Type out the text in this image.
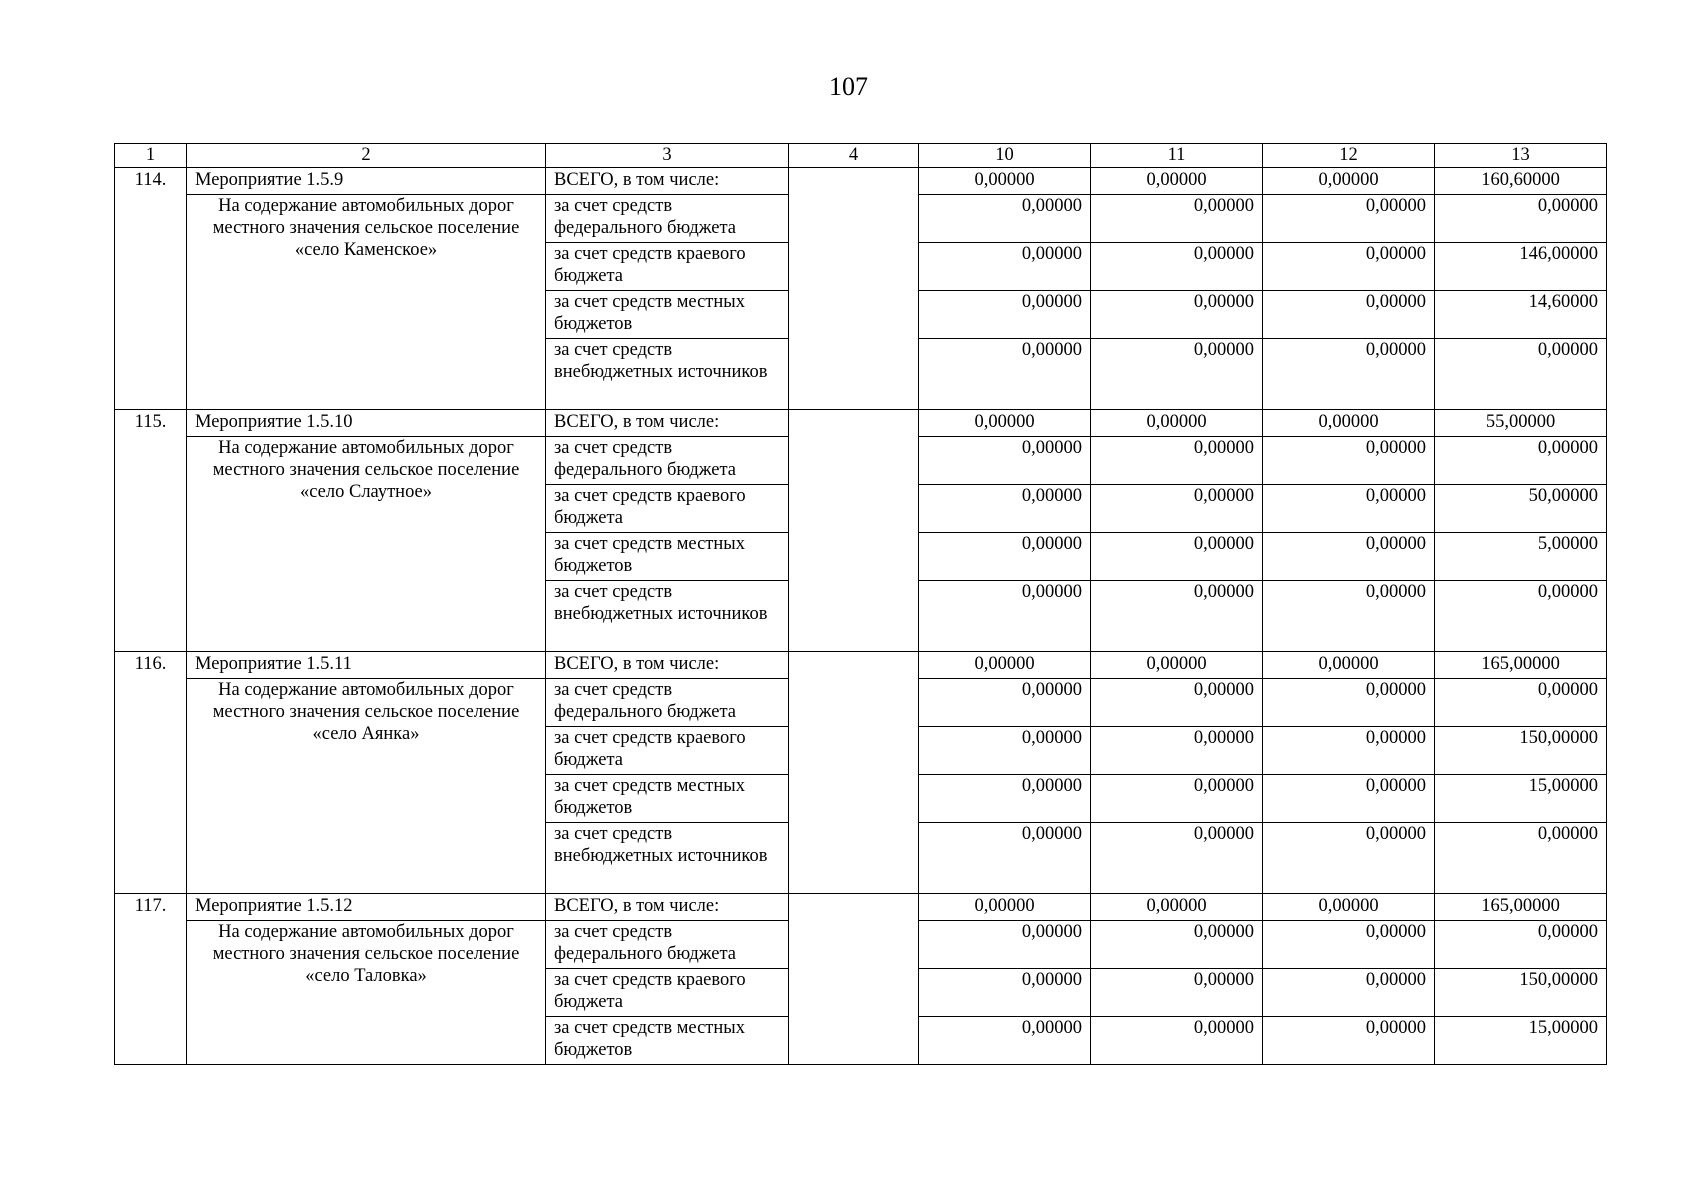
107
1	2	3	4	10	11	12	13
114.	Мероприятие 1.5.9	ВСЕГО, в том числе:		0,00000	0,00000	0,00000	160,60000
	На содержание автомобильных дорог местного значения сельское поселение «село Каменское»	за счет средств федерального бюджета		0,00000	0,00000	0,00000	0,00000
		за счет средств краевого бюджета		0,00000	0,00000	0,00000	146,00000
		за счет средств местных бюджетов		0,00000	0,00000	0,00000	14,60000
		за счет средств внебюджетных источников		0,00000	0,00000	0,00000	0,00000
115.	Мероприятие 1.5.10	ВСЕГО, в том числе:		0,00000	0,00000	0,00000	55,00000
	На содержание автомобильных дорог местного значения сельское поселение «село Слаутное»	за счет средств федерального бюджета		0,00000	0,00000	0,00000	0,00000
		за счет средств краевого бюджета		0,00000	0,00000	0,00000	50,00000
		за счет средств местных бюджетов		0,00000	0,00000	0,00000	5,00000
		за счет средств внебюджетных источников		0,00000	0,00000	0,00000	0,00000
116.	Мероприятие 1.5.11	ВСЕГО, в том числе:		0,00000	0,00000	0,00000	165,00000
	На содержание автомобильных дорог местного значения сельское поселение «село Аянка»	за счет средств федерального бюджета		0,00000	0,00000	0,00000	0,00000
		за счет средств краевого бюджета		0,00000	0,00000	0,00000	150,00000
		за счет средств местных бюджетов		0,00000	0,00000	0,00000	15,00000
		за счет средств внебюджетных источников		0,00000	0,00000	0,00000	0,00000
117.	Мероприятие 1.5.12	ВСЕГО, в том числе:		0,00000	0,00000	0,00000	165,00000
	На содержание автомобильных дорог местного значения сельское поселение «село Таловка»	за счет средств федерального бюджета		0,00000	0,00000	0,00000	0,00000
		за счет средств краевого бюджета		0,00000	0,00000	0,00000	150,00000
		за счет средств местных бюджетов		0,00000	0,00000	0,00000	15,00000
